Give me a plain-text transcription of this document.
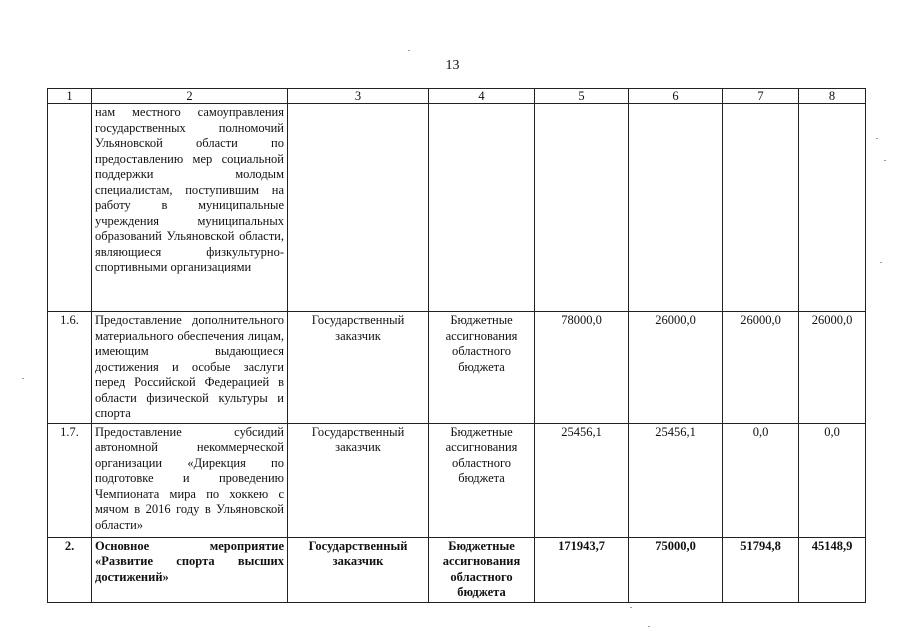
13
1	2	3	4	5	6	7	8
	нам местного самоуправления государственных полномочий Ульяновской области по предоставлению мер социальной поддержки молодым специалистам, поступившим на работу в муниципальные учреждения муниципальных образований Ульяновской области, являющиеся физкультурно-спортивными организациями						
1.6.	Предоставление дополнительного материального обеспечения лицам, имеющим выдающиеся достижения и особые заслуги перед Российской Федерацией в области физической культуры и спорта	Государственный заказчик	Бюджетные ассигнования областного бюджета	78000,0	26000,0	26000,0	26000,0
1.7.	Предоставление субсидий автономной некоммерческой организации «Дирекция по подготовке и проведению Чемпионата мира по хоккею с мячом в 2016 году в Ульяновской области»	Государственный заказчик	Бюджетные ассигнования областного бюджета	25456,1	25456,1	0,0	0,0
2.	Основное мероприятие «Развитие спорта высших достижений»	Государственный заказчик	Бюджетные ассигнования областного бюджета	171943,7	75000,0	51794,8	45148,9
